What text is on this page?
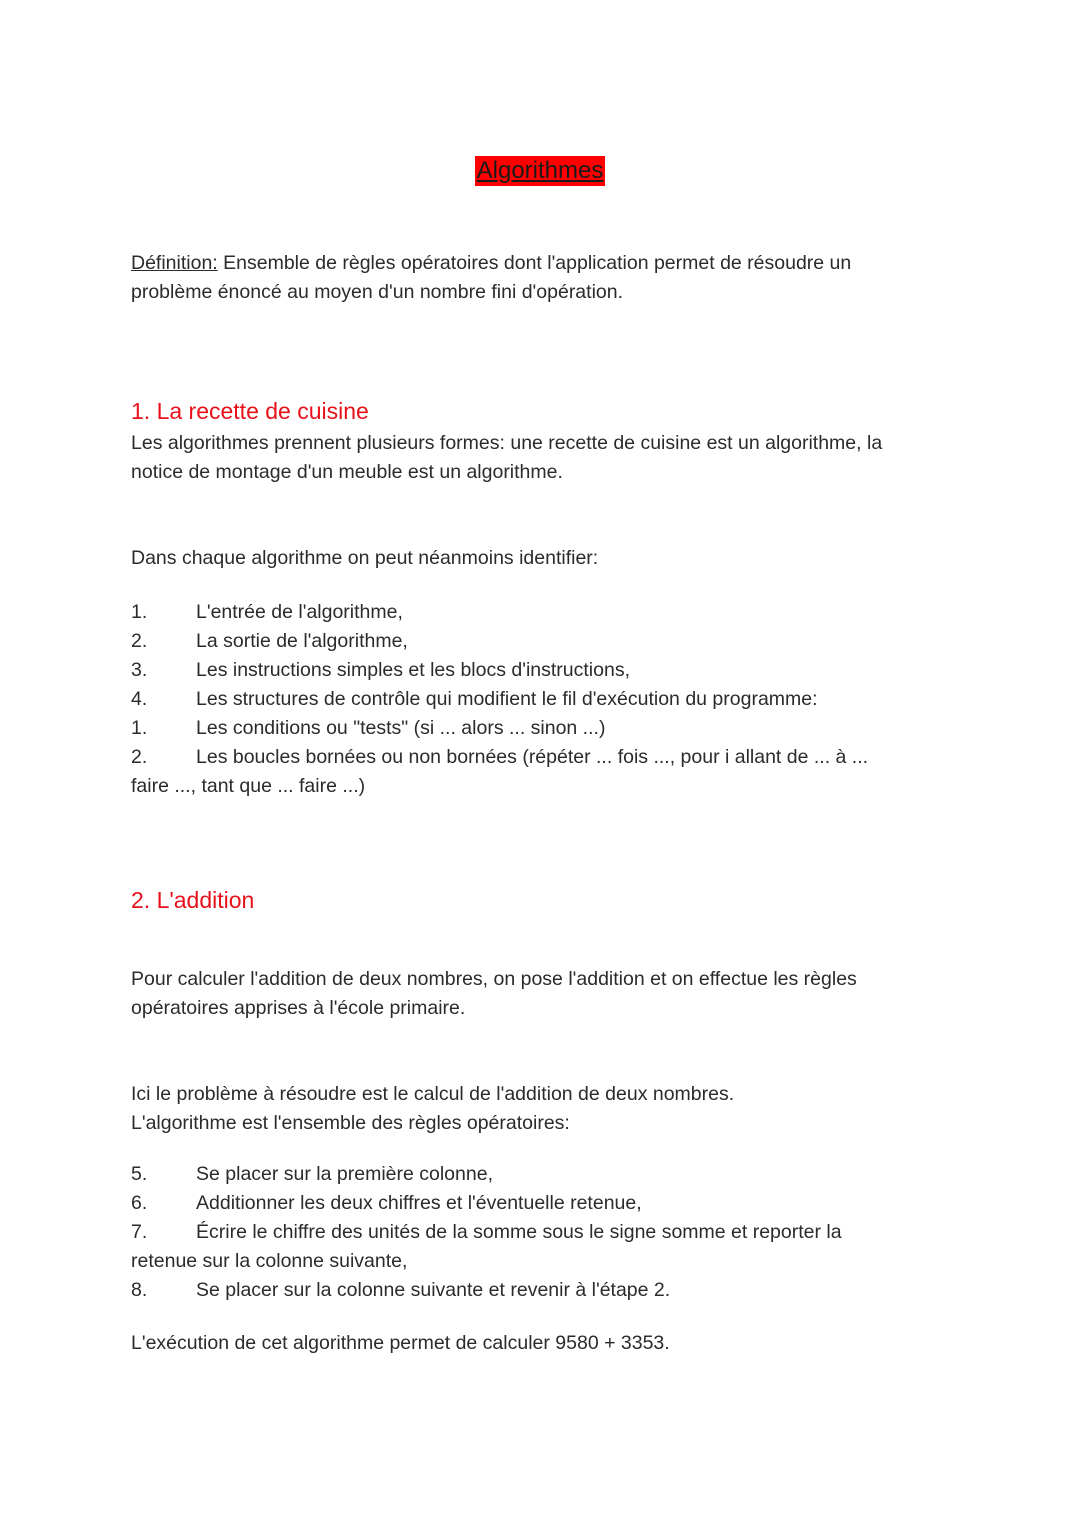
Algorithmes
Définition: Ensemble de règles opératoires dont l'application permet de résoudre un
problème énoncé au moyen d'un nombre fini d'opération.
1. La recette de cuisine
Les algorithmes prennent plusieurs formes: une recette de cuisine est un algorithme, la
notice de montage d'un meuble est un algorithme.
Dans chaque algorithme on peut néanmoins identifier:
1.	L'entrée de l'algorithme,
2.	La sortie de l'algorithme,
3.	Les instructions simples et les blocs d'instructions,
4.	Les structures de contrôle qui modifient le fil d'exécution du programme:
1.	Les conditions ou "tests" (si ... alors ... sinon ...)
2.	Les boucles bornées ou non bornées (répéter ... fois ..., pour i allant de ... à ...
faire ..., tant que ... faire ...)
2. L'addition
Pour calculer l'addition de deux nombres, on pose l'addition et on effectue les règles
opératoires apprises à l'école primaire.
Ici le problème à résoudre est le calcul de l'addition de deux nombres.
L'algorithme est l'ensemble des règles opératoires:
5.	Se placer sur la première colonne,
6.	Additionner les deux chiffres et l'éventuelle retenue,
7.	Écrire le chiffre des unités de la somme sous le signe somme et reporter la
retenue sur la colonne suivante,
8.	Se placer sur la colonne suivante et revenir à l'étape 2.
L'exécution de cet algorithme permet de calculer 9580 + 3353.
